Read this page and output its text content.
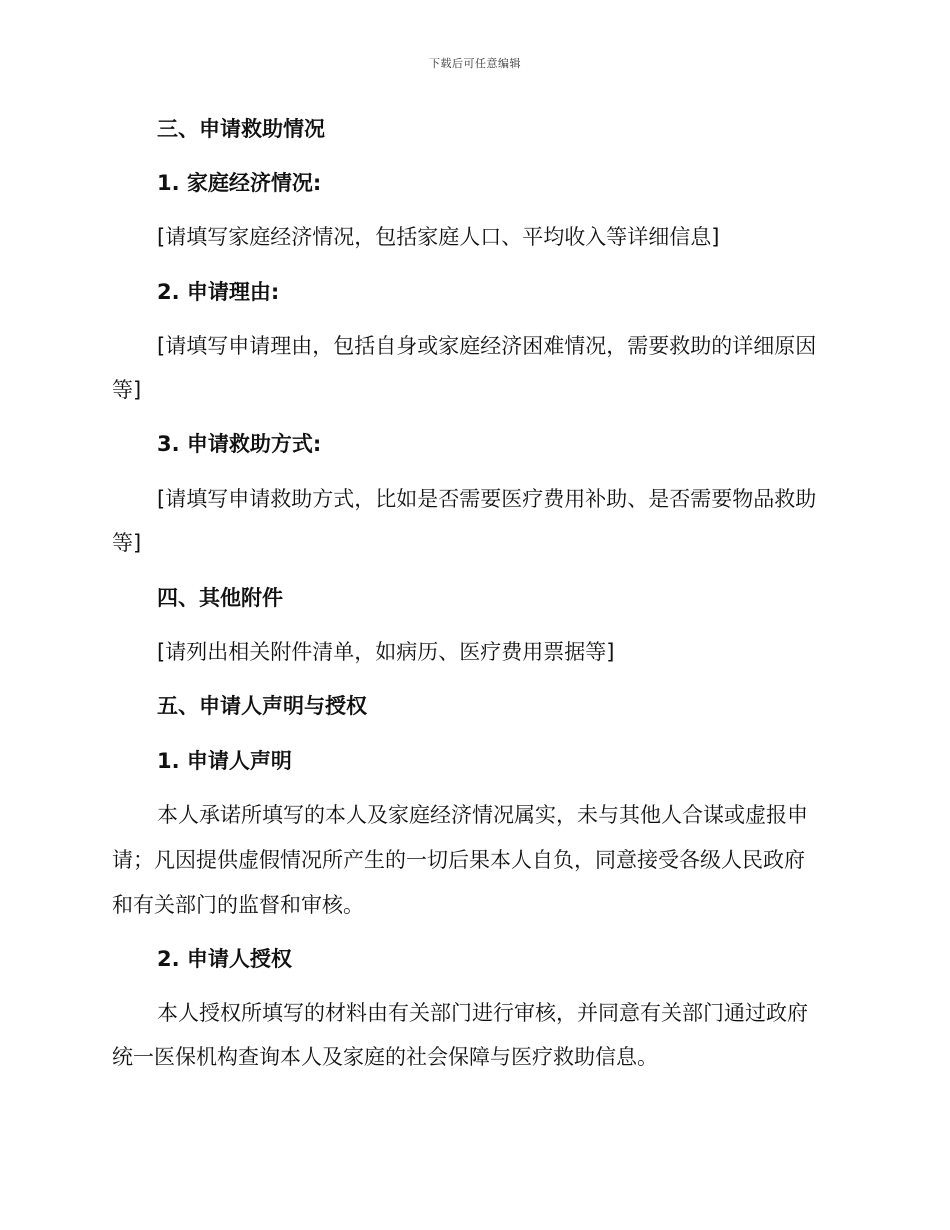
下载后可任意编辑
三、申请救助情况
1. 家庭经济情况:
[请填写家庭经济情况，包括家庭人口、平均收入等详细信息]
2. 申请理由:
[请填写申请理由，包括自身或家庭经济困难情况，需要救助的详细原因
等]
3. 申请救助方式:
[请填写申请救助方式，比如是否需要医疗费用补助、是否需要物品救助
等]
四、其他附件
[请列出相关附件清单，如病历、医疗费用票据等]
五、申请人声明与授权
1. 申请人声明
本人承诺所填写的本人及家庭经济情况属实，未与其他人合谋或虚报申
请；凡因提供虚假情况所产生的一切后果本人自负，同意接受各级人民政府
和有关部门的监督和审核。
2. 申请人授权
本人授权所填写的材料由有关部门进行审核，并同意有关部门通过政府
统一医保机构查询本人及家庭的社会保障与医疗救助信息。
